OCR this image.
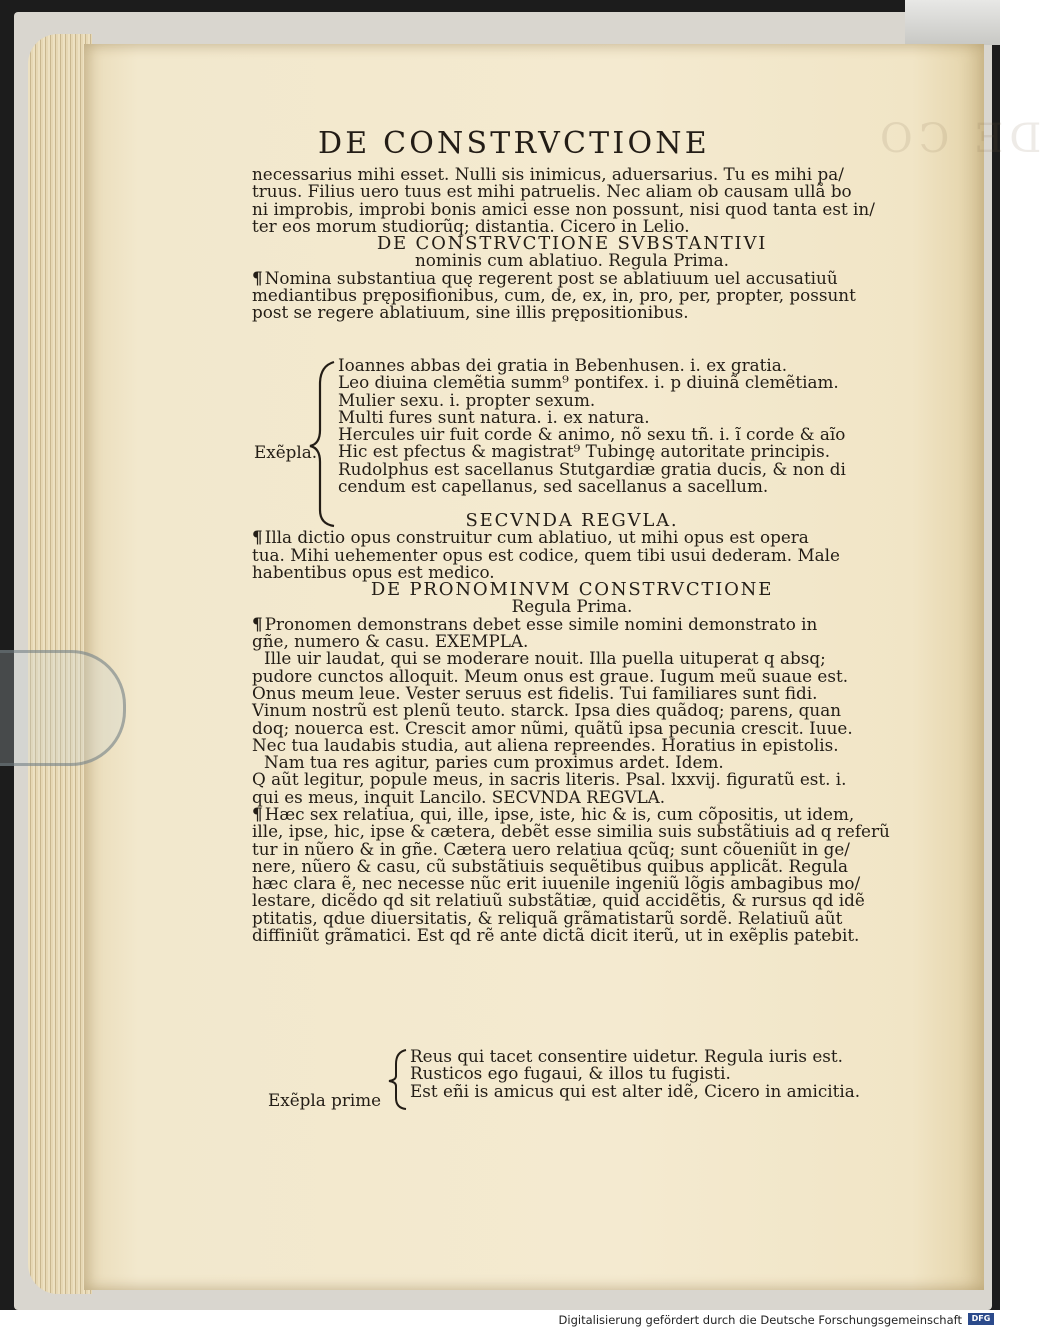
DE CO
DE CONSTRVCTIONE
necessarius mihi esset. Nulli sis inimicus, aduersarius. Tu es mihi pa/
truus. Filius uero tuus est mihi patruelis. Nec aliam ob causam ullã bo
ni improbis, improbi bonis amici esse non possunt, nisi quod tanta est in/
ter eos morum studiorũq; distantia. Cicero in Lelio.
DE CONSTRVCTIONE SVBSTANTIVI
nominis cum ablatiuo. Regula Prima.
¶ Nomina substantiua quę regerent post se ablatiuum uel accusatiuũ
mediantibus pręposifionibus, cum, de, ex, in, pro, per, propter, possunt
post se regere ablatiuum, sine illis prępositionibus.
SECVNDA REGVLA.
¶ Illa dictio opus construitur cum ablatiuo, ut mihi opus est opera
tua. Mihi uehementer opus est codice, quem tibi usui dederam. Male
habentibus opus est medico.
DE PRONOMINVM CONSTRVCTIONE
Regula Prima.
¶ Pronomen demonstrans debet esse simile nomini demonstrato in
gñe, numero & casu. EXEMPLA.
Ille uir laudat, qui se moderare nouit. Illa puella uituperat q absq;
pudore cunctos alloquit. Meum onus est graue. Iugum meũ suaue est.
Onus meum leue. Vester seruus est fidelis. Tui familiares sunt fidi.
Vinum nostrũ est plenũ teuto. starck. Ipsa dies quãdoq; parens, quan
doq; nouerca est. Crescit amor nũmi, quãtũ ipsa pecunia crescit. Iuue.
Nec tua laudabis studia, aut aliena repreendes. Horatius in epistolis.
Nam tua res agitur, paries cum proximus ardet. Idem.
Q aũt legitur, popule meus, in sacris literis. Psal. lxxvij. figuratũ est. i.
qui es meus, inquit Lancilo. SECVNDA REGVLA.
¶ Hæc sex relatiua, qui, ille, ipse, iste, hic & is, cum cõpositis, ut idem,
ille, ipse, hic, ipse & cætera, debẽt esse similia suis substãtiuis ad q referũ
tur in nũero & in gñe. Cætera uero relatiua qcũq; sunt cõueniũt in ge/
nere, nũero & casu, cũ substãtiuis sequẽtibus quibus applicãt. Regula
hæc clara ẽ, nec necesse nũc erit iuuenile ingeniũ lõgis ambagibus mo/
lestare, dicẽdo qd sit relatiuũ substãtiæ, quid accidẽtis, & rursus qd idẽ
ptitatis, qdue diuersitatis, & reliquã grãmatistarũ sordẽ. Relatiuũ aũt
diffiniũt grãmatici. Est qd rẽ ante dictã dicit iterũ, ut in exẽplis patebit.
Exẽpla.
Ioannes abbas dei gratia in Bebenhusen. i. ex gratia.
Leo diuina clemẽtia summ⁹ pontifex. i. p diuinã clemẽtiam.
Mulier sexu. i. propter sexum.
Multi fures sunt natura. i. ex natura.
Hercules uir fuit corde & animo, nõ sexu tñ. i. ĩ corde & aĩo
Hic est pfectus & magistrat⁹ Tubingę autoritate principis.
Rudolphus est sacellanus Stutgardiæ gratia ducis, & non di
cendum est capellanus, sed sacellanus a sacellum.
Exẽpla prime
Reus qui tacet consentire uidetur. Regula iuris est.
Rusticos ego fugaui, & illos tu fugisti.
Est eñi is amicus qui est alter idẽ, Cicero in amicitia.
Digitalisierung gefördert durch die Deutsche Forschungsgemeinschaft	DFG
